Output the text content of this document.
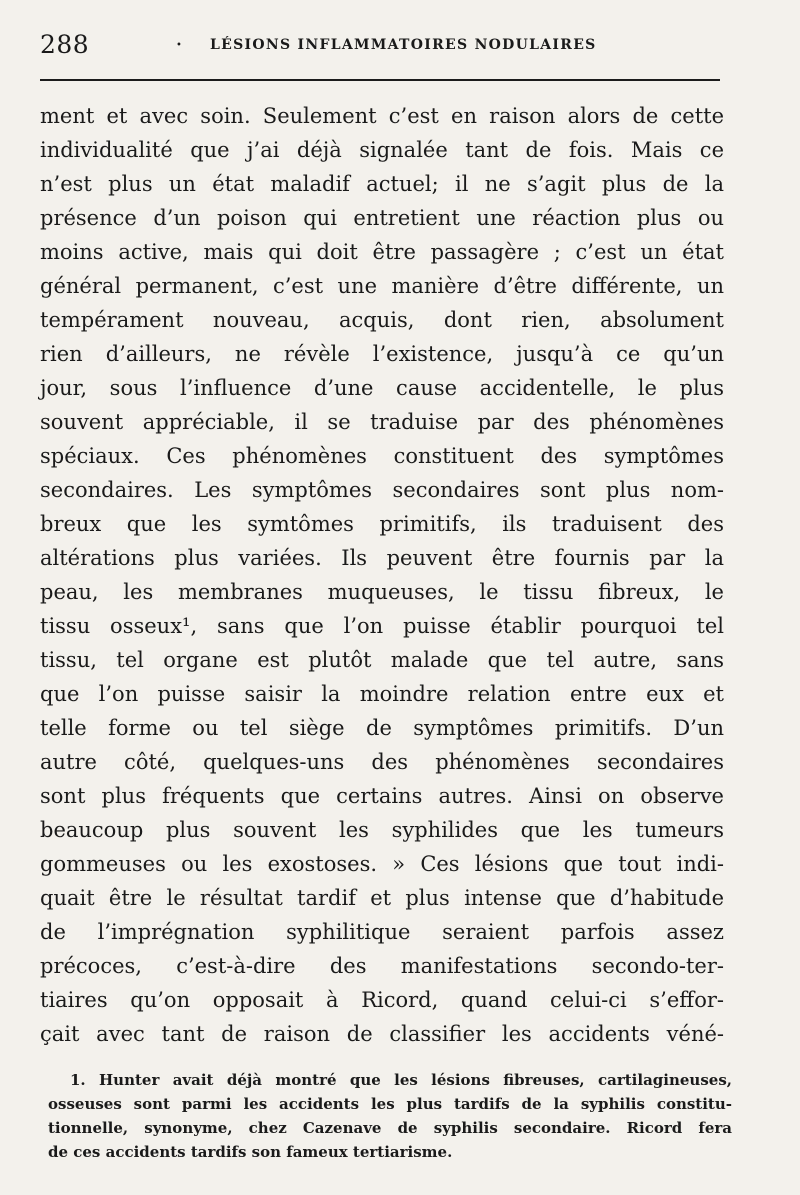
288	• LÉSIONS INFLAMMATOIRES NODULAIRES
ment et avec soin. Seulement c’est en raison alors de cette
individualité que j’ai déjà signalée tant de fois. Mais ce
n’est plus un état maladif actuel; il ne s’agit plus de la
présence d’un poison qui entretient une réaction plus ou
moins active, mais qui doit être passagère ; c’est un état
général permanent, c’est une manière d’être différente, un
tempérament nouveau, acquis, dont rien, absolument
rien d’ailleurs, ne révèle l’existence, jusqu’à ce qu’un
jour, sous l’influence d’une cause accidentelle, le plus
souvent appréciable, il se traduise par des phénomènes
spéciaux. Ces phénomènes constituent des symptômes
secondaires. Les symptômes secondaires sont plus nom-
breux que les symtômes primitifs, ils traduisent des
altérations plus variées. Ils peuvent être fournis par la
peau, les membranes muqueuses, le tissu fibreux, le
tissu osseux¹, sans que l’on puisse établir pourquoi tel
tissu, tel organe est plutôt malade que tel autre, sans
que l’on puisse saisir la moindre relation entre eux et
telle forme ou tel siège de symptômes primitifs. D’un
autre côté, quelques-uns des phénomènes secondaires
sont plus fréquents que certains autres. Ainsi on observe
beaucoup plus souvent les syphilides que les tumeurs
gommeuses ou les exostoses. » Ces lésions que tout indi-
quait être le résultat tardif et plus intense que d’habitude
de l’imprégnation syphilitique seraient parfois assez
précoces, c’est-à-dire des manifestations secondo-ter-
tiaires qu’on opposait à Ricord, quand celui-ci s’effor-
çait avec tant de raison de classifier les accidents véné-
1. Hunter avait déjà montré que les lésions fibreuses, cartilagineuses,
osseuses sont parmi les accidents les plus tardifs de la syphilis constitu-
tionnelle, synonyme, chez Cazenave de syphilis secondaire. Ricord fera
de ces accidents tardifs son fameux tertiarisme.
